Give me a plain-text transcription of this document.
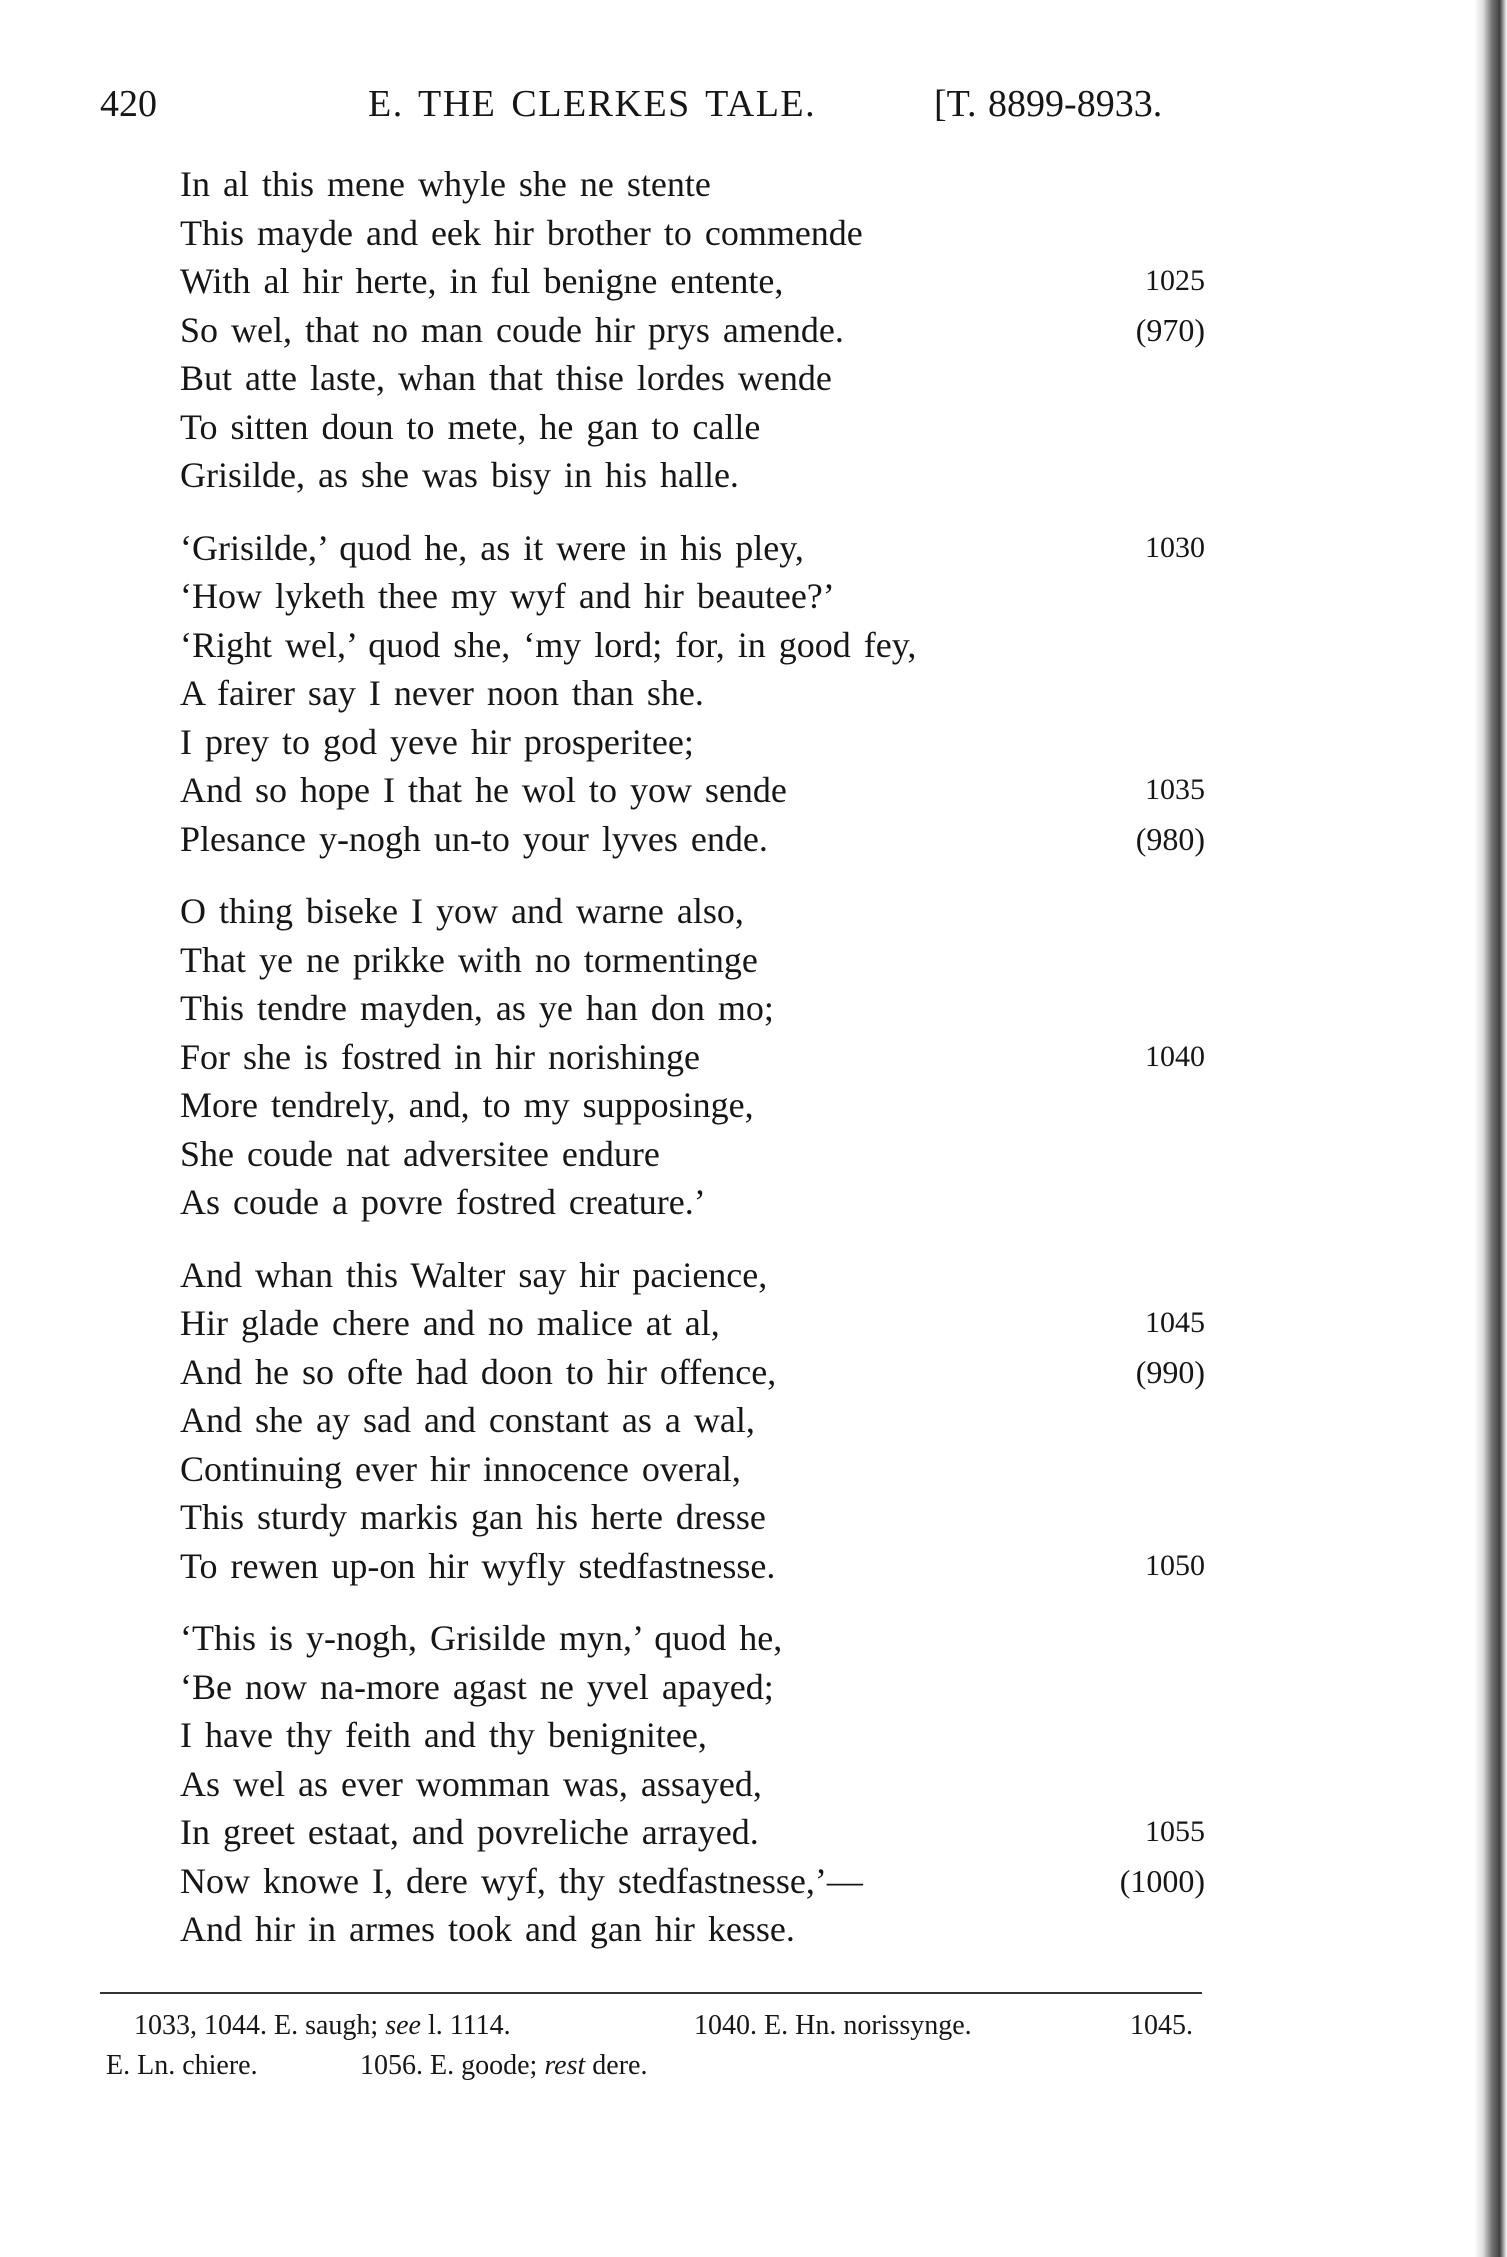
420	E. THE CLERKES TALE.	[T. 8899-8933.
In al this mene whyle she ne stente
This mayde and eek hir brother to commende
With al hir herte, in ful benigne entente,	1025
So wel, that no man coude hir prys amende.	(970)
But atte laste, whan that thise lordes wende
To sitten doun to mete, he gan to calle
Grisilde, as she was bisy in his halle.
‘Grisilde,’ quod he, as it were in his pley,	1030
‘How lyketh thee my wyf and hir beautee?’
‘Right wel,’ quod she, ‘my lord; for, in good fey,
A fairer say I never noon than she.
I prey to god yeve hir prosperitee;
And so hope I that he wol to yow sende	1035
Plesance y-nogh un-to your lyves ende.	(980)
O thing biseke I yow and warne also,
That ye ne prikke with no tormentinge
This tendre mayden, as ye han don mo;
For she is fostred in hir norishinge	1040
More tendrely, and, to my supposinge,
She coude nat adversitee endure
As coude a povre fostred creature.’
And whan this Walter say hir pacience,
Hir glade chere and no malice at al,	1045
And he so ofte had doon to hir offence,	(990)
And she ay sad and constant as a wal,
Continuing ever hir innocence overal,
This sturdy markis gan his herte dresse
To rewen up-on hir wyfly stedfastnesse.	1050
‘This is y-nogh, Grisilde myn,’ quod he,
‘Be now na-more agast ne yvel apayed;
I have thy feith and thy benignitee,
As wel as ever womman was, assayed,
In greet estaat, and povreliche arrayed.	1055
Now knowe I, dere wyf, thy stedfastnesse,’—	(1000)
And hir in armes took and gan hir kesse.
1033, 1044. E. saugh; see l. 1114.	1040. E. Hn. norissynge.	1045.
E. Ln. chiere.	1056. E. goode; rest dere.
